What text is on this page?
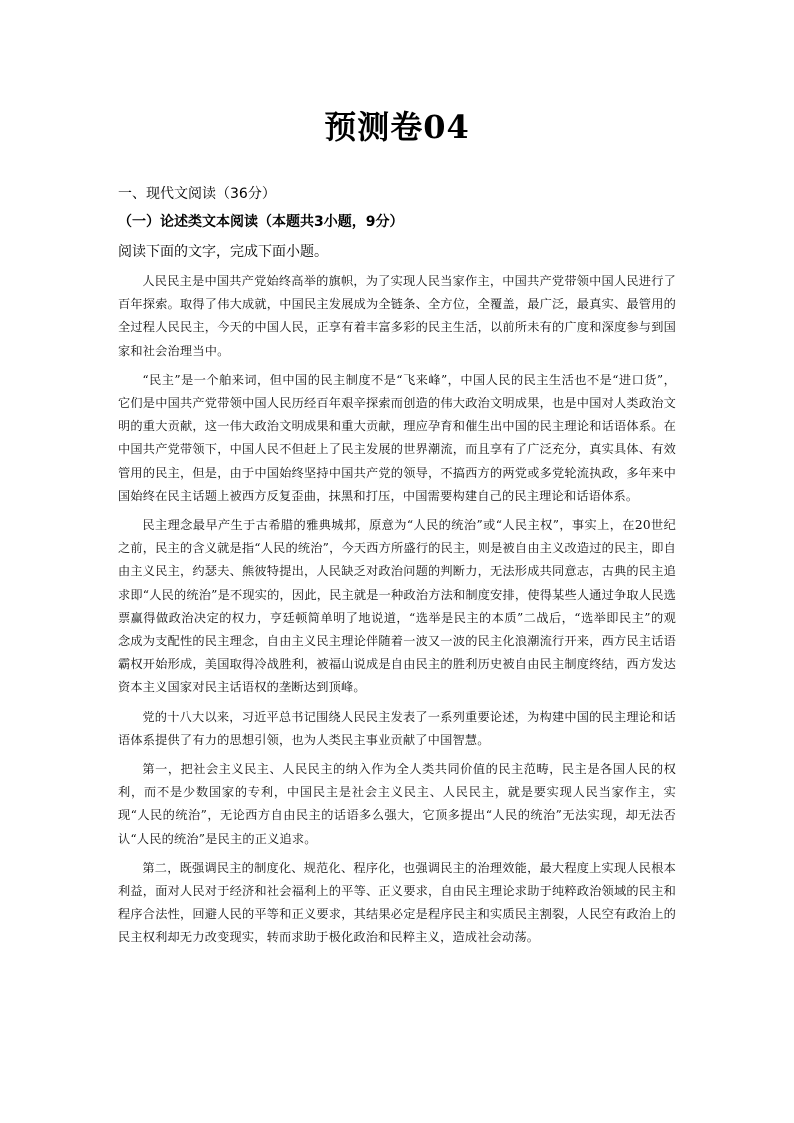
预测卷04
一、现代文阅读（36分）
（一）论述类文本阅读（本题共3小题，9分）
阅读下面的文字，完成下面小题。

人民民主是中国共产党始终高举的旗帜，为了实现人民当家作主，中国共产党带领中国人民进行了百年探索。取得了伟大成就，中国民主发展成为全链条、全方位，全覆盖，最广泛，最真实、最管用的全过程人民民主，今天的中国人民，正享有着丰富多彩的民主生活，以前所未有的广度和深度参与到国家和社会治理当中。

“民主”是一个舶来词，但中国的民主制度不是“飞来峰”，中国人民的民主生活也不是“进口货”，它们是中国共产党带领中国人民历经百年艰辛探索而创造的伟大政治文明成果，也是中国对人类政治文明的重大贡献，这一伟大政治文明成果和重大贡献，理应孕育和催生出中国的民主理论和话语体系。在中国共产党带领下，中国人民不但赶上了民主发展的世界潮流，而且享有了广泛充分，真实具体、有效管用的民主，但是，由于中国始终坚持中国共产党的领导，不搞西方的两党或多党轮流执政，多年来中国始终在民主话题上被西方反复歪曲，抹黑和打压，中国需要构建自己的民主理论和话语体系。

民主理念最早产生于古希腊的雅典城邦，原意为“人民的统治”或“人民主权”，事实上，在20世纪之前，民主的含义就是指“人民的统治”，今天西方所盛行的民主，则是被自由主义改造过的民主，即自由主义民主，约瑟夫、熊彼特提出，人民缺乏对政治问题的判断力，无法形成共同意志，古典的民主追求即“人民的统治”是不现实的，因此，民主就是一种政治方法和制度安排，使得某些人通过争取人民选票赢得做政治决定的权力，亨廷顿简单明了地说道，“选举是民主的本质”二战后，“选举即民主”的观念成为支配性的民主理念，自由主义民主理论伴随着一波又一波的民主化浪潮流行开来，西方民主话语霸权开始形成，美国取得冷战胜利，被福山说成是自由民主的胜利历史被自由民主制度终结，西方发达资本主义国家对民主话语权的垄断达到顶峰。

党的十八大以来，习近平总书记围绕人民民主发表了一系列重要论述，为构建中国的民主理论和话语体系提供了有力的思想引领，也为人类民主事业贡献了中国智慧。

第一，把社会主义民主、人民民主的纳入作为全人类共同价值的民主范畴，民主是各国人民的权利，而不是少数国家的专利，中国民主是社会主义民主、人民民主，就是要实现人民当家作主，实现“人民的统治”，无论西方自由民主的话语多么强大，它顶多提出“人民的统治”无法实现，却无法否认“人民的统治”是民主的正义追求。

第二，既强调民主的制度化、规范化、程序化，也强调民主的治理效能，最大程度上实现人民根本利益，面对人民对于经济和社会福利上的平等、正义要求，自由民主理论求助于纯粹政治领域的民主和程序合法性，回避人民的平等和正义要求，其结果必定是程序民主和实质民主割裂，人民空有政治上的民主权利却无力改变现实，转而求助于极化政治和民粹主义，造成社会动荡。
